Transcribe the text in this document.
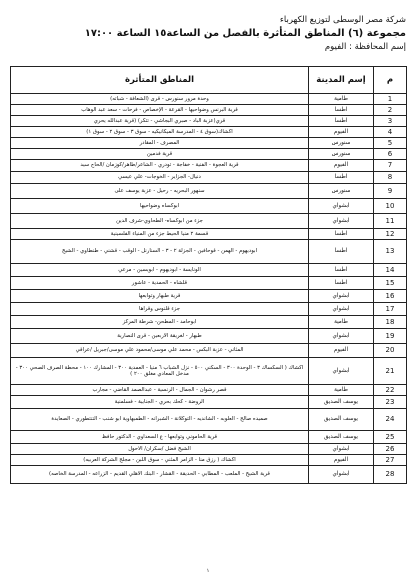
شركة مصر الوسطى لتوزيع الكهرباء
مجموعة (٦) المناطق المتأثرة بالفصل من الساعة١٥ الساعة ١٧:٠٠
إسم المحافظة : الفيوم
م	إسم المدينة	المناطق المتأثرة
1	طامية	وحدة مرور سنورس - قرى (الشعافة - شباته)
2	اطسا	قرية البرنس وضواحيها - القرعة - الإخصاص - فرحات - سعد عبد الوهاب
3	اطسا	قري(عزبة الباد - صبري البجاشي - تتكر) (قرية عبدالله يحري
4	الفيوم	اكشاك(سوق ٤ - المدرسة الميكانيكيه - سوق ٣ - سوق ٢ - سوق ١)
5	سنورس	المصرف - المقادر
6	سنورس	قرية فدمين
7	الفيوم	قرية العجوة - الفنية - خفاجة - تودري - الشاعر/طاهر/كوزمان /الحاج سيد
8	اطسا	دنيال- الجزاير - الخوجات- علي عيسي
9	سنورس	سنهور البحريه - رحيل - عزبة يوسف على
10	ابشواي	ابوكساه وضواحيها
11	ابشواي	جزء من ابوكساه- الطحاوي-شرف الدين
12	اطسا	قسمة ٢ منيا الحيط جزء من المنياء الفلسينية
13	اطسا	ابوديهوم - الهمن - قوحافين - الجزلة ٢ - ٣ - السنارنل - الوقب - قشني - طنطاوي - الشيخ
14	اطسا	الونايسة - ابوديهوم - ابويسين - مرعي
15	اطسا	قلشاه - الحمدية - عاشور
16	ابشواي	قرية طبهار وتوابعها
17	ابشواي	جزء قلنوس وقراها
18	طامية	ابوحامد - المطحن- شرطة المركز
19	ابشواي	طبهار - لغريقة الاربعين - قرى النصارية
20	الفيوم	المثاني - عزبة البكس - محمد علي موسى/محمود علي موسى/جبريل /عراقي
21	ابشواي	اكشاك ( السكساك ٣ - الوحدة ٣٠٠ - السكني ٥٠٠ - نزل الشباب ٦ منيا - العمدية ٣٠٠ - المشارك ١٠٠ - محطة الصرف الصحي ٣٠٠ - مدخل المعادي مغلق ٢٠٠ )
22	طامية	قصر رشوان - الجمال - الرنسية - عبدالصمد القاضي - مجارب
23	يوسف الصديق	الروضة - كحك بحري - الجنابية - فسلمنية
24	يوسف الصديق	صميده صالح - العلوبه - الشانديه - التوكلانة - الشبرانه - الطمبهاوية ابو شنب - التنتطوري - الصعايدة
25	يوسف الصديق	قرية الحاموني وتوابعها - ع السعداوي - الدكتور حافظ
26	ابشواي	الشيخ فضل /سكران/ الاحول
27	الفيوم	اكشاك ( رزق منا - الزامر المثني - سوق اللبن - مجلج الشركة العربيه)
28	ابشواي	قرية الشيخ - الملعب - المطابي - الحديقة - القشار - البنك الاهلي القديم - الزراعه - المدرسة الخاصه)
١
